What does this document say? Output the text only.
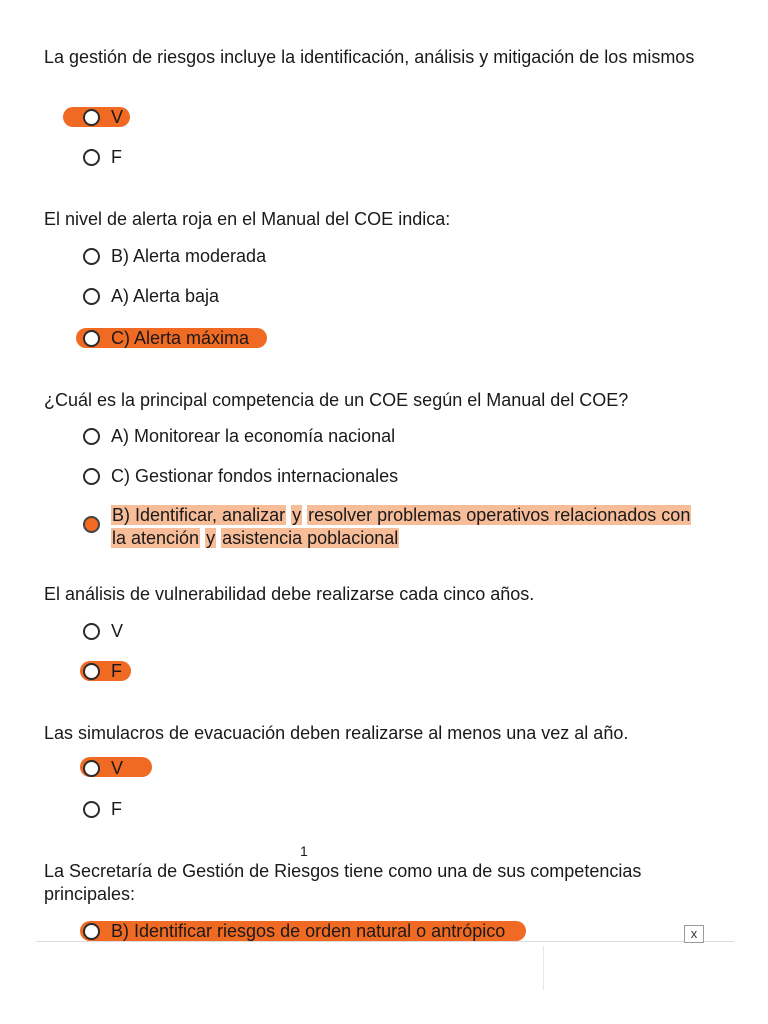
La gestión de riesgos incluye la identificación, análisis y mitigación de los mismos

V
F

El nivel de alerta roja en el Manual del COE indica:

B) Alerta moderada
A) Alerta baja
C) Alerta máxima

¿Cuál es la principal competencia de un COE según el Manual del COE?

A) Monitorear la economía nacional
C) Gestionar fondos internacionales
B) Identificar, analizar y resolver problemas operativos relacionados con
la atención y asistencia poblacional

El análisis de vulnerabilidad debe realizarse cada cinco años.

V
F

Las simulacros de evacuación deben realizarse al menos una vez al año.

V
F
1

La Secretaría de Gestión de Riesgos tiene como una de sus competencias principales:

B) Identificar riesgos de orden natural o antrópico	x
